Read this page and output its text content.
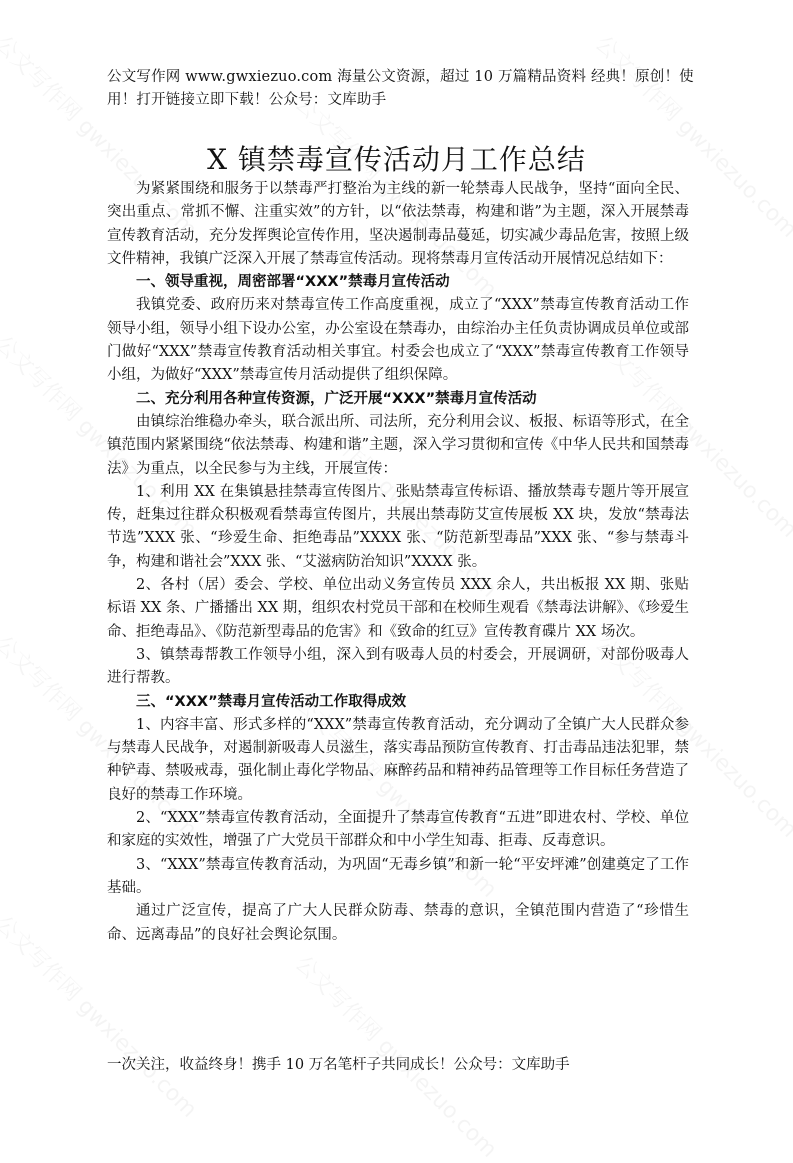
公文写作网 www.gwxiezuo.com 海量公文资源，超过 10 万篇精品资料 经典！原创！使用！打开链接立即下载！公众号：文库助手
X 镇禁毒宣传活动月工作总结

为紧紧围绕和服务于以禁毒严打整治为主线的新一轮禁毒人民战争，坚持“面向全民、突出重点、常抓不懈、注重实效”的方针，以“依法禁毒，构建和谐”为主题，深入开展禁毒宣传教育活动，充分发挥舆论宣传作用，坚决遏制毒品蔓延，切实减少毒品危害，按照上级文件精神，我镇广泛深入开展了禁毒宣传活动。现将禁毒月宣传活动开展情况总结如下：

一、领导重视，周密部署“XXX”禁毒月宣传活动

我镇党委、政府历来对禁毒宣传工作高度重视，成立了“XXX”禁毒宣传教育活动工作领导小组，领导小组下设办公室，办公室设在禁毒办，由综治办主任负责协调成员单位或部门做好“XXX”禁毒宣传教育活动相关事宜。村委会也成立了“XXX”禁毒宣传教育工作领导小组，为做好“XXX”禁毒宣传月活动提供了组织保障。

二、充分利用各种宣传资源，广泛开展“XXX”禁毒月宣传活动

由镇综治维稳办牵头，联合派出所、司法所，充分利用会议、板报、标语等形式，在全镇范围内紧紧围绕“依法禁毒、构建和谐”主题，深入学习贯彻和宣传《中华人民共和国禁毒法》为重点，以全民参与为主线，开展宣传：

1、利用 XX 在集镇悬挂禁毒宣传图片、张贴禁毒宣传标语、播放禁毒专题片等开展宣传，赶集过往群众积极观看禁毒宣传图片，共展出禁毒防艾宣传展板 XX 块，发放“禁毒法节选”XXX 张、“珍爱生命、拒绝毒品”XXXX 张、“防范新型毒品”XXX 张、“参与禁毒斗争，构建和谐社会”XXX 张、“艾滋病防治知识”XXXX 张。

2、各村（居）委会、学校、单位出动义务宣传员 XXX 余人，共出板报 XX 期、张贴标语 XX 条、广播播出 XX 期，组织农村党员干部和在校师生观看《禁毒法讲解》、《珍爱生命、拒绝毒品》、《防范新型毒品的危害》和《致命的红豆》宣传教育碟片 XX 场次。

3、镇禁毒帮教工作领导小组，深入到有吸毒人员的村委会，开展调研，对部份吸毒人进行帮教。

三、“XXX”禁毒月宣传活动工作取得成效

1、内容丰富、形式多样的“XXX”禁毒宣传教育活动，充分调动了全镇广大人民群众参与禁毒人民战争，对遏制新吸毒人员滋生，落实毒品预防宣传教育、打击毒品违法犯罪，禁种铲毒、禁吸戒毒，强化制止毒化学物品、麻醉药品和精神药品管理等工作目标任务营造了良好的禁毒工作环境。

2、“XXX”禁毒宣传教育活动，全面提升了禁毒宣传教育“五进”即进农村、学校、单位和家庭的实效性，增强了广大党员干部群众和中小学生知毒、拒毒、反毒意识。

3、“XXX”禁毒宣传教育活动，为巩固“无毒乡镇”和新一轮“平安坪滩”创建奠定了工作基础。

通过广泛宣传，提高了广大人民群众防毒、禁毒的意识，全镇范围内营造了“珍惜生命、远离毒品”的良好社会舆论氛围。

一次关注，收益终身！携手 10 万名笔杆子共同成长！公众号：文库助手
